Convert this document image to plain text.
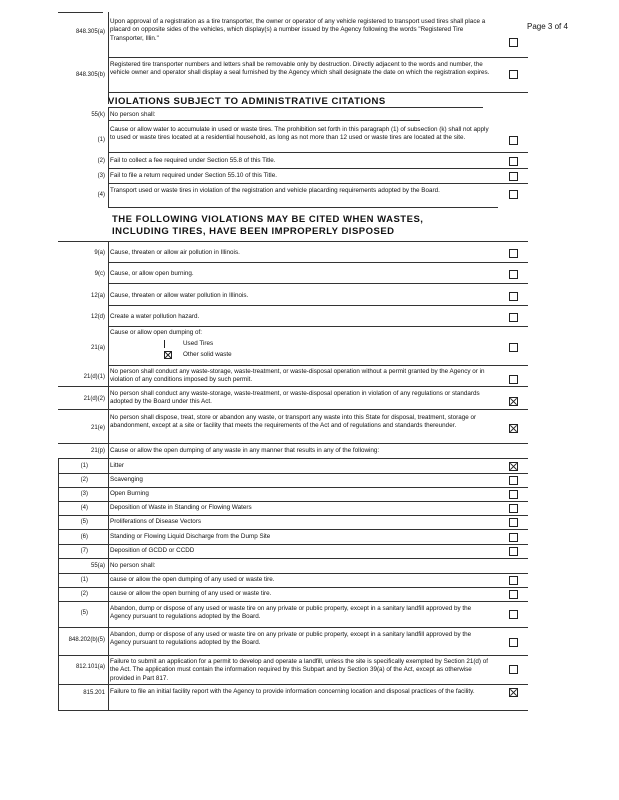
Page 3 of 4
848.305(a)
Upon approval of a registration as a tire transporter, the owner or operator of any vehicle registered to transport used tires shall place a placard on opposite sides of the vehicles, which display(s) a number issued by the Agency following the words "Registered Tire Transporter, Illin."
848.305(b)
Registered tire transporter numbers and letters shall be removable only by destruction. Directly adjacent to the words and number, the vehicle owner and operator shall display a seal furnished by the Agency which shall designate the date on which the registration expires.
VIOLATIONS SUBJECT TO ADMINISTRATIVE CITATIONS
55(k) No person shall:
(1)
Cause or allow water to accumulate in used or waste tires. The prohibition set forth in this paragraph (1) of subsection (k) shall not apply to used or waste tires located at a residential household, as long as not more than 12 used or waste tires are located at the site.
(2) Fail to collect a fee required under Section 55.8 of this Title.
(3) Fail to file a return required under Section 55.10 of this Title.
(4)
Transport used or waste tires in violation of the registration and vehicle placarding requirements adopted by the Board.
THE FOLLOWING VIOLATIONS MAY BE CITED WHEN WASTES,
INCLUDING TIRES, HAVE BEEN IMPROPERLY DISPOSED
9(a) Cause, threaten or allow air pollution in Illinois.
9(c) Cause, or allow open burning.
12(a) Cause, threaten or allow water pollution in Illinois.
12(d) Create a water pollution hazard.
21(a)
Cause or allow open dumping of:
Used Tires
Other solid waste
21(d)(1)
No person shall conduct any waste-storage, waste-treatment, or waste-disposal operation without a permit granted by the Agency or in violation of any conditions imposed by such permit.
21(d)(2)
No person shall conduct any waste-storage, waste-treatment, or waste-disposal operation in violation of any regulations or standards adopted by the Board under this Act.
21(e)
No person shall dispose, treat, store or abandon any waste, or transport any waste into this State for disposal, treatment, storage or abandonment, except at a site or facility that meets the requirements of the Act and of regulations and standards thereunder.
21(p) Cause or allow the open dumping of any waste in any manner that results in any of the following:
(1)	Litter
(2)	Scavenging
(3)	Open Burning
(4)	Deposition of Waste in Standing or Flowing Waters
(5)	Proliferations of Disease Vectors
(6)	Standing or Flowing Liquid Discharge from the Dump Site
(7)	Deposition of GCDD or CCDD
55(a) No person shall:
(1)	cause or allow the open dumping of any used or waste tire.
(2)	cause or allow the open burning of any used or waste tire.
(5)
Abandon, dump or dispose of any used or waste tire on any private or public property, except in a sanitary landfill approved by the Agency pursuant to regulations adopted by the Board.
848.202(b)(5)
Abandon, dump or dispose of any used or waste tire on any private or public property, except in a sanitary landfill approved by the Agency pursuant to regulations adopted by the Board.
812.101(a)
Failure to submit an application for a permit to develop and operate a landfill, unless the site is specifically exempted by Section 21(d) of the Act. The application must contain the information required by this Subpart and by Section 39(a) of the Act, except as otherwise provided in Part 817.
815.201 Failure to file an initial facility report with the Agency to provide information concerning location and disposal practices of the facility.
